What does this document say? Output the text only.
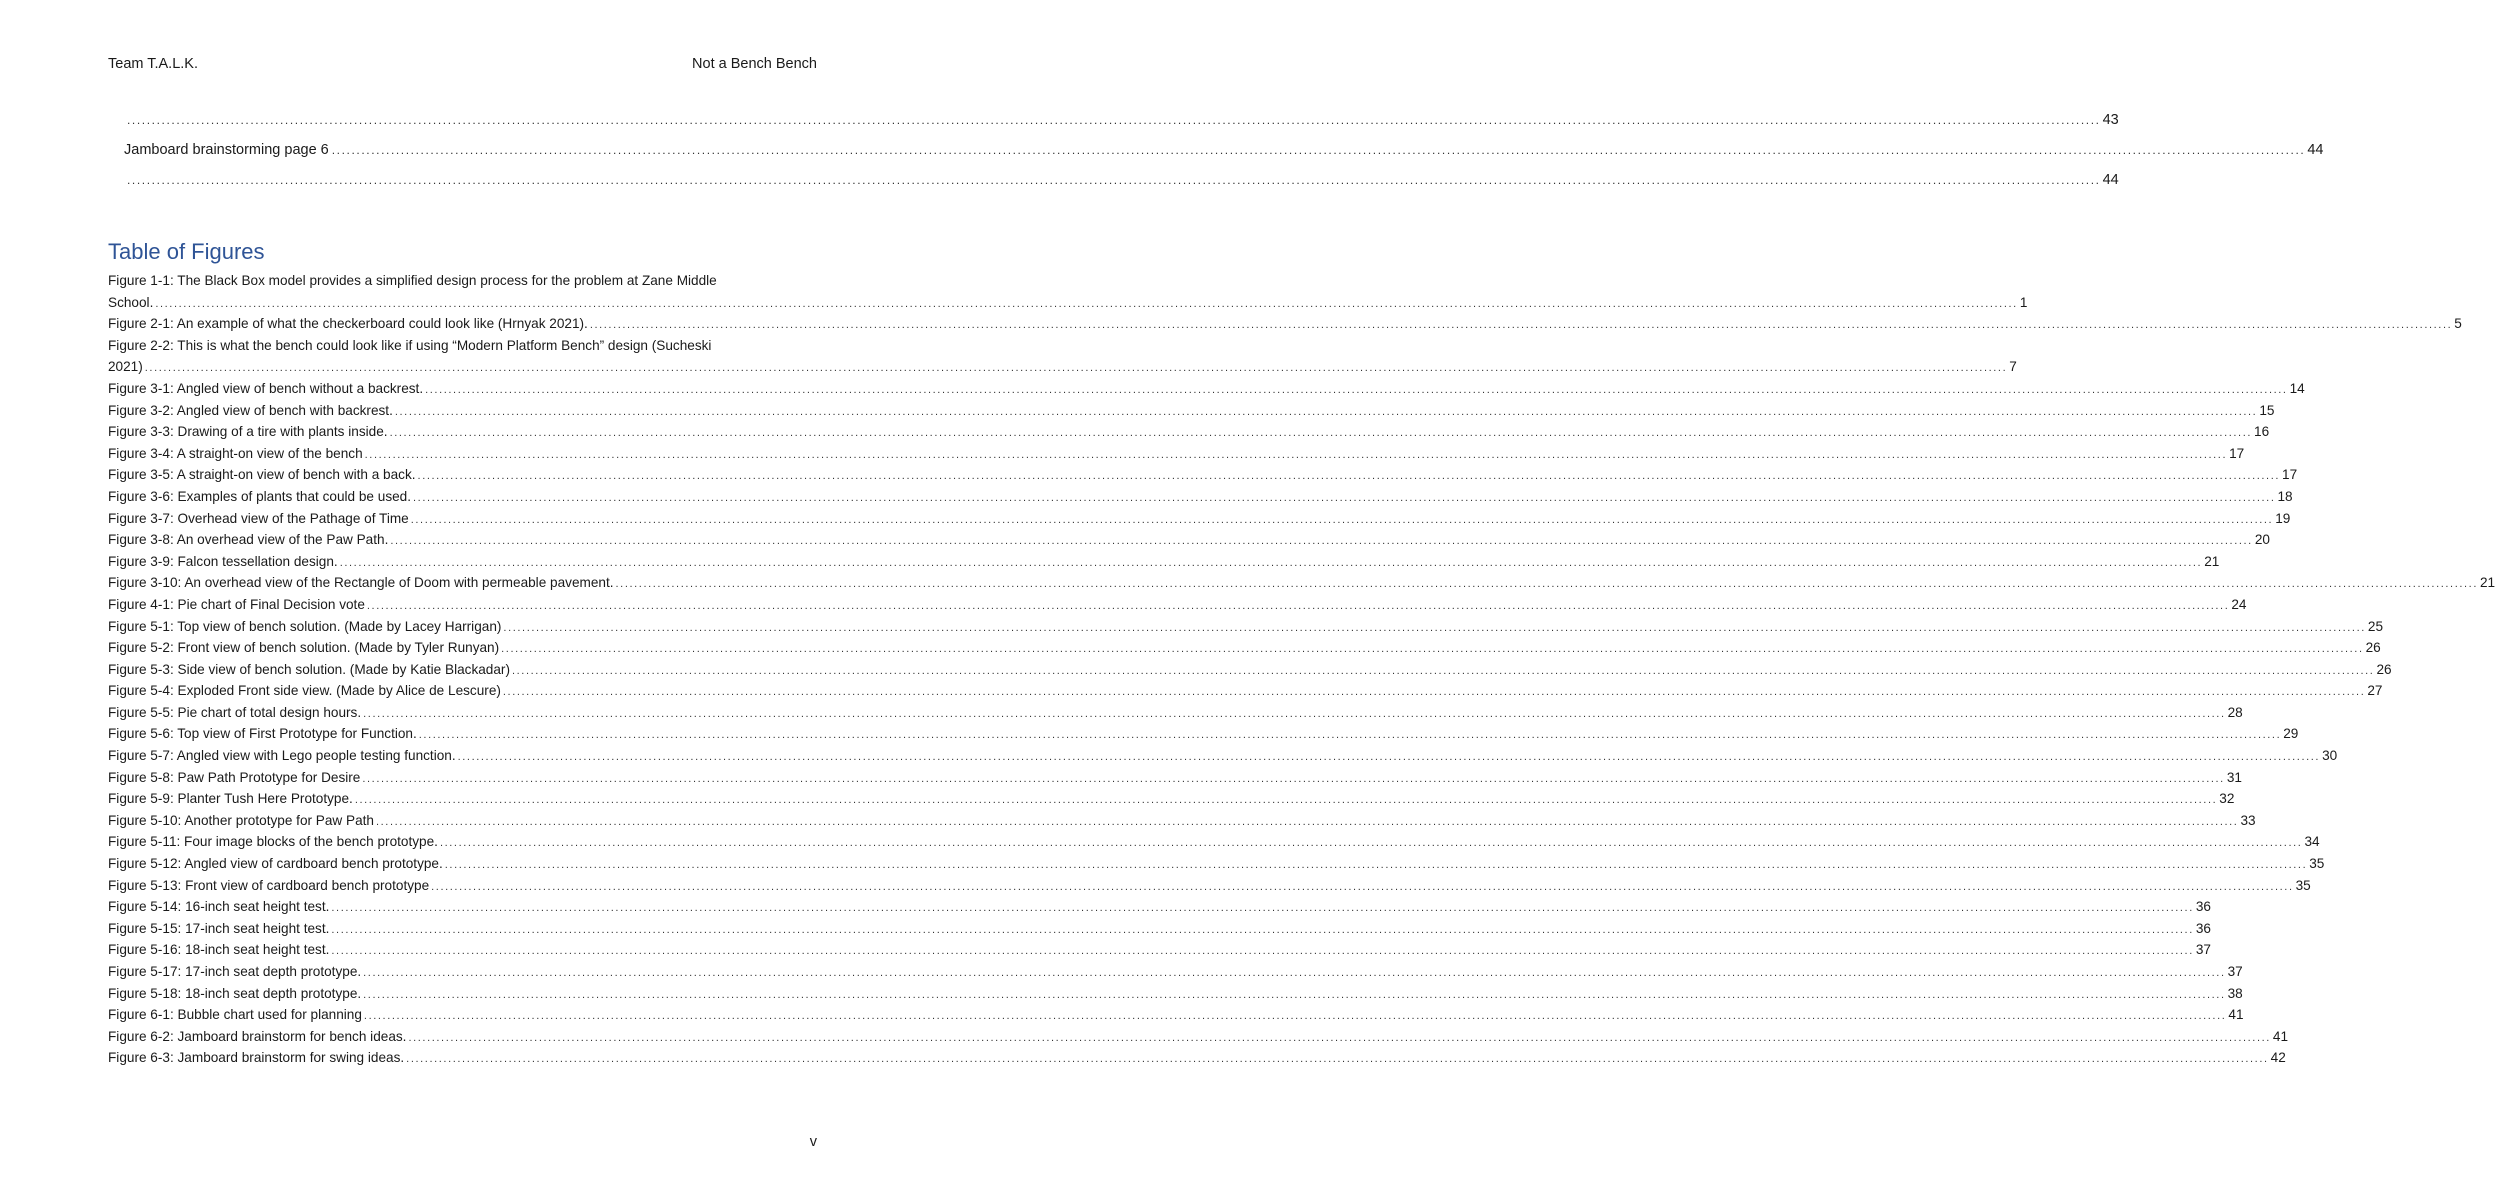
Team T.A.L.K.	Not a Bench Bench
................................................................................................................................................................................................................................................................................................................................................................................................................ 43
Jamboard brainstorming page 6 ................................................................................................................................................................................................................................................................................................................................................................................................................ 44
................................................................................................................................................................................................................................................................................................................................................................................................................ 44
Table of Figures
Figure 1-1: The Black Box model provides a simplified design process for the problem at Zane Middle
School. ................................................................................................................................................................................................................................................................................................................................................................................................................ 1
Figure 2-1: An example of what the checkerboard could look like (Hrnyak 2021). ................................................................................................................................................................................................................................................................................................................................................................................................................ 5
Figure 2-2: This is what the bench could look like if using “Modern Platform Bench” design (Sucheski
2021) ................................................................................................................................................................................................................................................................................................................................................................................................................ 7
Figure 3-1: Angled view of bench without a backrest. ................................................................................................................................................................................................................................................................................................................................................................................................................ 14
Figure 3-2: Angled view of bench with backrest. ................................................................................................................................................................................................................................................................................................................................................................................................................ 15
Figure 3-3: Drawing of a tire with plants inside. ................................................................................................................................................................................................................................................................................................................................................................................................................ 16
Figure 3-4: A straight-on view of the bench ................................................................................................................................................................................................................................................................................................................................................................................................................ 17
Figure 3-5: A straight-on view of bench with a back. ................................................................................................................................................................................................................................................................................................................................................................................................................ 17
Figure 3-6: Examples of plants that could be used. ................................................................................................................................................................................................................................................................................................................................................................................................................ 18
Figure 3-7: Overhead view of the Pathage of Time ................................................................................................................................................................................................................................................................................................................................................................................................................ 19
Figure 3-8: An overhead view of the Paw Path. ................................................................................................................................................................................................................................................................................................................................................................................................................ 20
Figure 3-9: Falcon tessellation design. ................................................................................................................................................................................................................................................................................................................................................................................................................ 21
Figure 3-10: An overhead view of the Rectangle of Doom with permeable pavement. ................................................................................................................................................................................................................................................................................................................................................................................................................ 21
Figure 4-1: Pie chart of Final Decision vote ................................................................................................................................................................................................................................................................................................................................................................................................................ 24
Figure 5-1: Top view of bench solution. (Made by Lacey Harrigan) ................................................................................................................................................................................................................................................................................................................................................................................................................ 25
Figure 5-2: Front view of bench solution. (Made by Tyler Runyan) ................................................................................................................................................................................................................................................................................................................................................................................................................ 26
Figure 5-3: Side view of bench solution. (Made by Katie Blackadar) ................................................................................................................................................................................................................................................................................................................................................................................................................ 26
Figure 5-4: Exploded Front side view. (Made by Alice de Lescure) ................................................................................................................................................................................................................................................................................................................................................................................................................ 27
Figure 5-5: Pie chart of total design hours. ................................................................................................................................................................................................................................................................................................................................................................................................................ 28
Figure 5-6: Top view of First Prototype for Function. ................................................................................................................................................................................................................................................................................................................................................................................................................ 29
Figure 5-7: Angled view with Lego people testing function. ................................................................................................................................................................................................................................................................................................................................................................................................................ 30
Figure 5-8: Paw Path Prototype for Desire ................................................................................................................................................................................................................................................................................................................................................................................................................ 31
Figure 5-9: Planter Tush Here Prototype. ................................................................................................................................................................................................................................................................................................................................................................................................................ 32
Figure 5-10: Another prototype for Paw Path ................................................................................................................................................................................................................................................................................................................................................................................................................ 33
Figure 5-11: Four image blocks of the bench prototype. ................................................................................................................................................................................................................................................................................................................................................................................................................ 34
Figure 5-12: Angled view of cardboard bench prototype. ................................................................................................................................................................................................................................................................................................................................................................................................................ 35
Figure 5-13: Front view of cardboard bench prototype ................................................................................................................................................................................................................................................................................................................................................................................................................ 35
Figure 5-14: 16-inch seat height test. ................................................................................................................................................................................................................................................................................................................................................................................................................ 36
Figure 5-15: 17-inch seat height test. ................................................................................................................................................................................................................................................................................................................................................................................................................ 36
Figure 5-16: 18-inch seat height test. ................................................................................................................................................................................................................................................................................................................................................................................................................ 37
Figure 5-17: 17-inch seat depth prototype. ................................................................................................................................................................................................................................................................................................................................................................................................................ 37
Figure 5-18: 18-inch seat depth prototype. ................................................................................................................................................................................................................................................................................................................................................................................................................ 38
Figure 6-1: Bubble chart used for planning ................................................................................................................................................................................................................................................................................................................................................................................................................ 41
Figure 6-2: Jamboard brainstorm for bench ideas. ................................................................................................................................................................................................................................................................................................................................................................................................................ 41
Figure 6-3: Jamboard brainstorm for swing ideas. ................................................................................................................................................................................................................................................................................................................................................................................................................ 42
v
